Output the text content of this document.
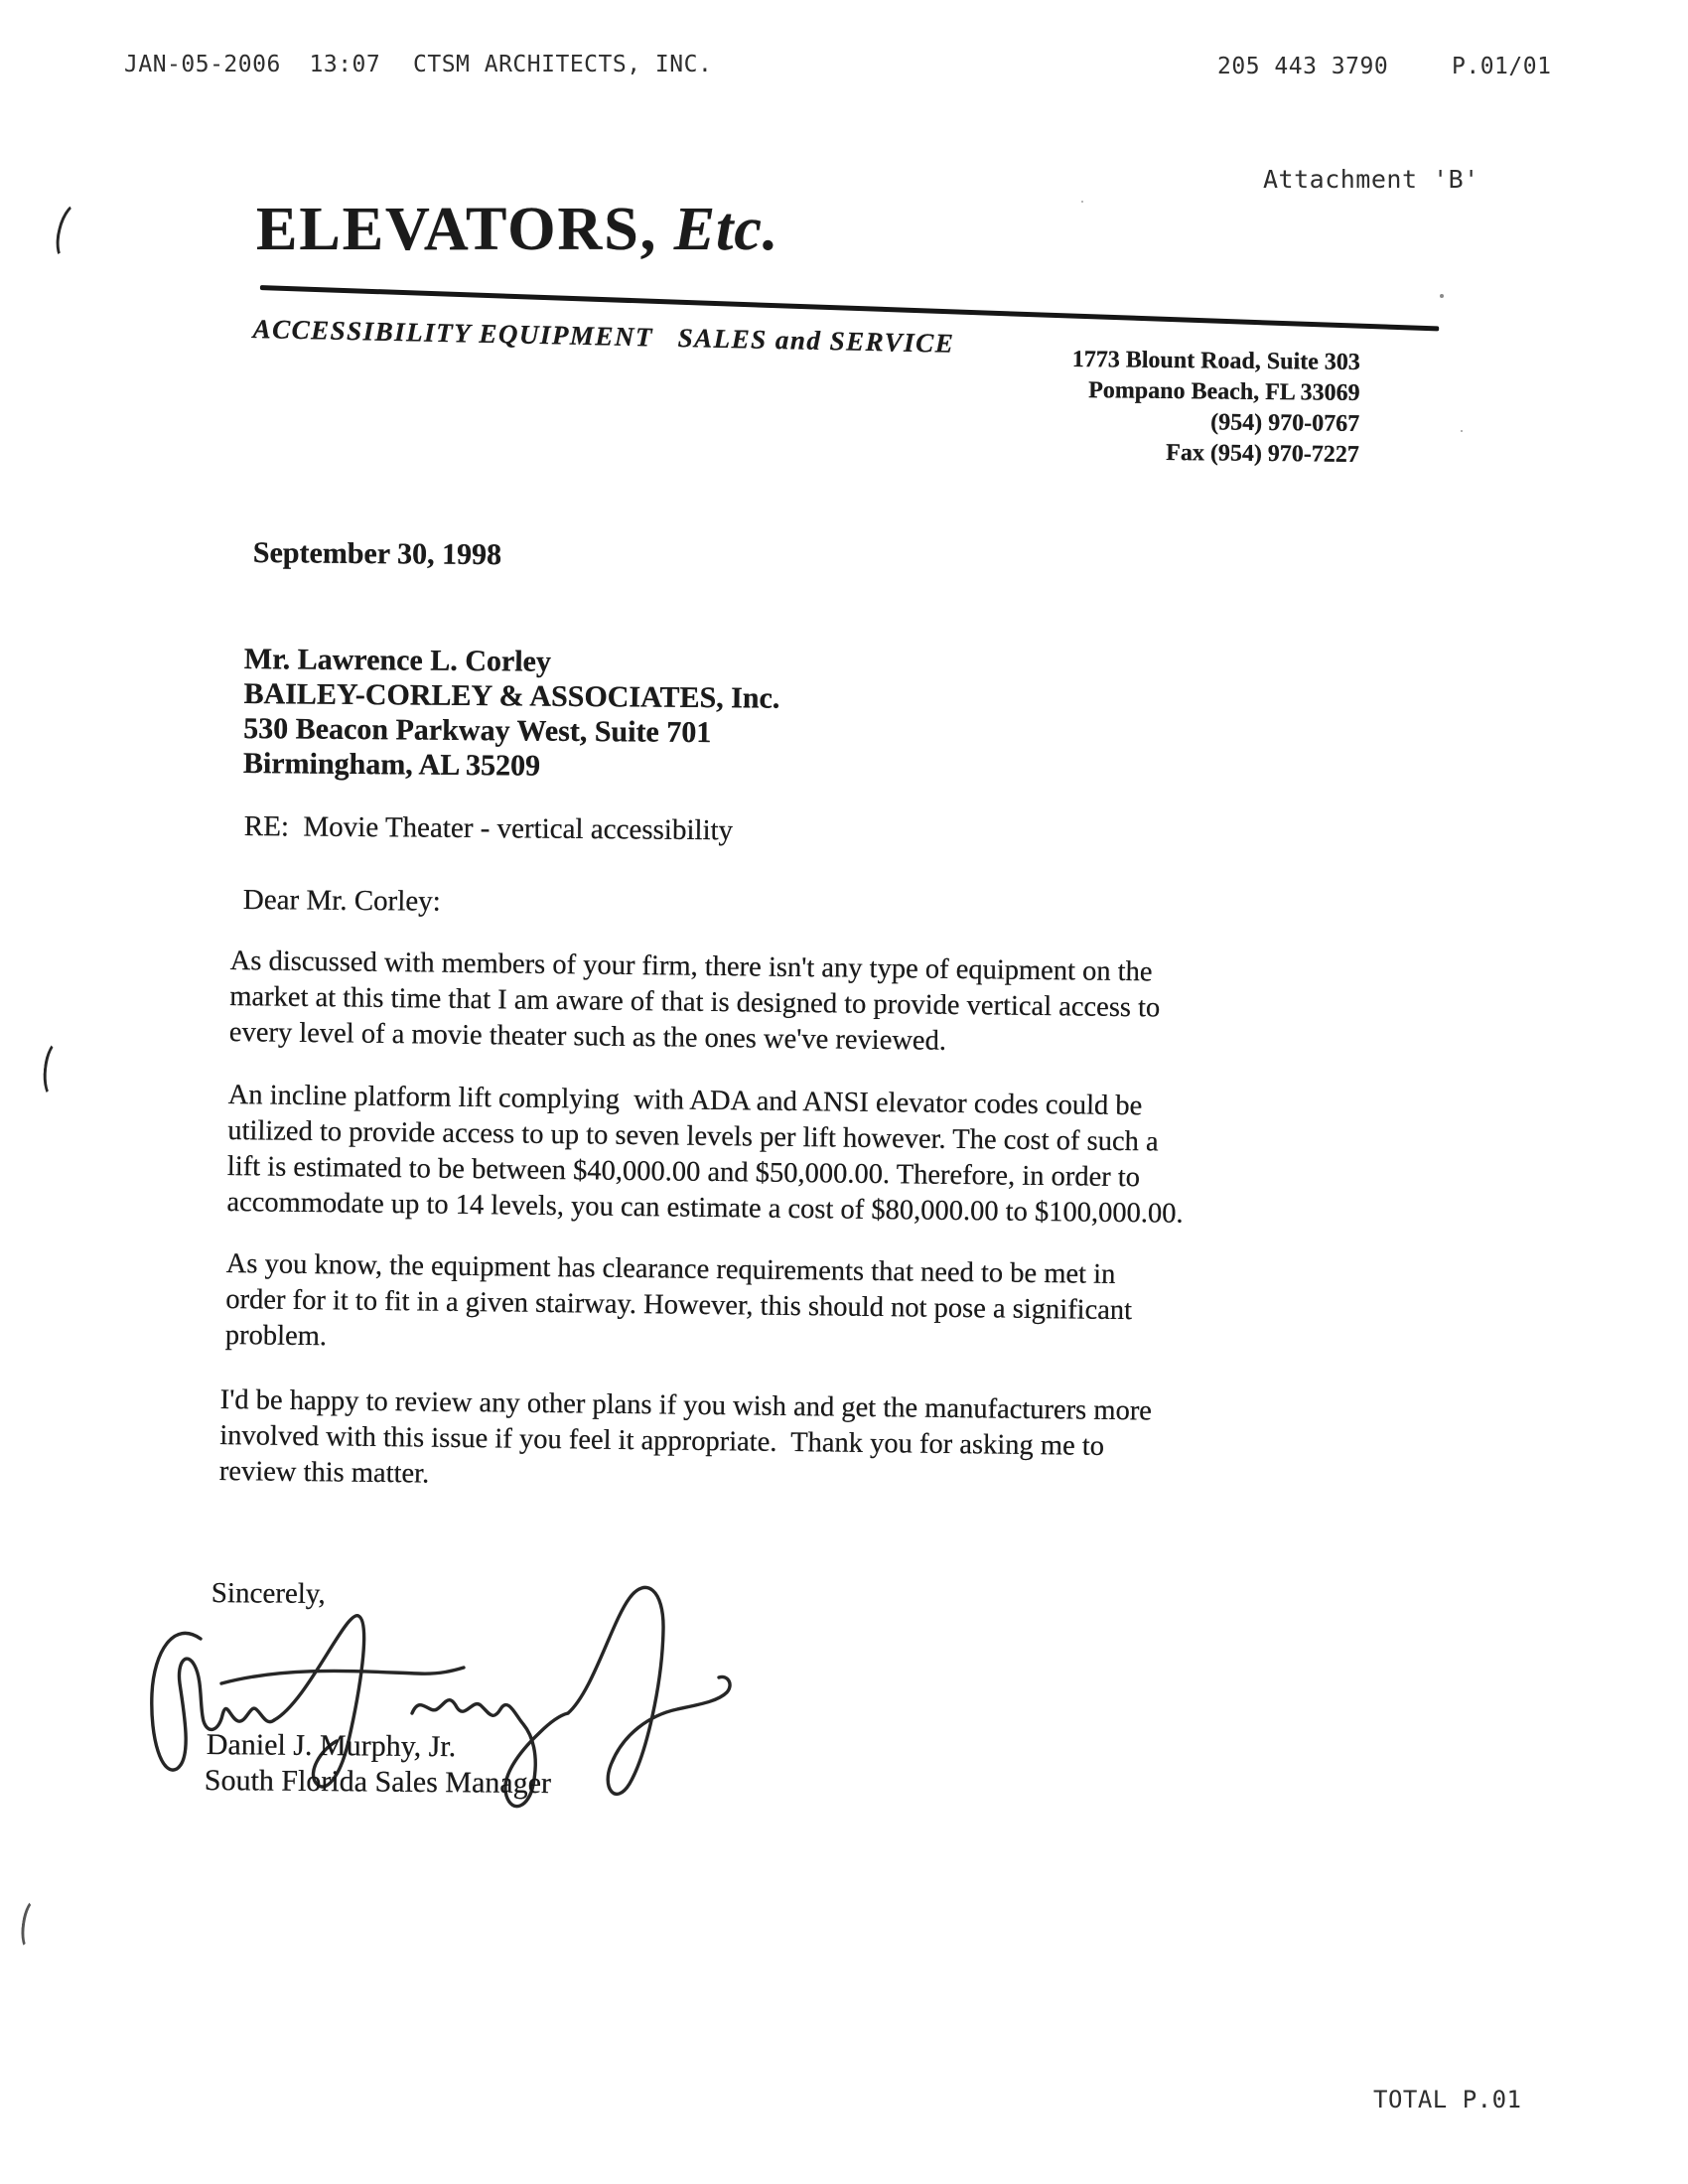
JAN-05-2006  13:07 CTSM ARCHITECTS, INC.	205 443 3790	P.01/01
Attachment 'B'
ELEVATORS, Etc.
ACCESSIBILITY EQUIPMENT   SALES and SERVICE
1773 Blount Road, Suite 303
Pompano Beach, FL 33069
(954) 970-0767
Fax (954) 970-7227
September 30, 1998
Mr. Lawrence L. Corley
BAILEY-CORLEY & ASSOCIATES, Inc.
530 Beacon Parkway West, Suite 701
Birmingham, AL 35209
RE:  Movie Theater - vertical accessibility
Dear Mr. Corley:
As discussed with members of your firm, there isn't any type of equipment on the
market at this time that I am aware of that is designed to provide vertical access to
every level of a movie theater such as the ones we've reviewed.
An incline platform lift complying  with ADA and ANSI elevator codes could be
utilized to provide access to up to seven levels per lift however. The cost of such a
lift is estimated to be between $40,000.00 and $50,000.00. Therefore, in order to
accommodate up to 14 levels, you can estimate a cost of $80,000.00 to $100,000.00.
As you know, the equipment has clearance requirements that need to be met in
order for it to fit in a given stairway. However, this should not pose a significant
problem.
I'd be happy to review any other plans if you wish and get the manufacturers more
involved with this issue if you feel it appropriate.  Thank you for asking me to
review this matter.
Sincerely,
Daniel J. Murphy, Jr.
South Florida Sales Manager
TOTAL P.01
